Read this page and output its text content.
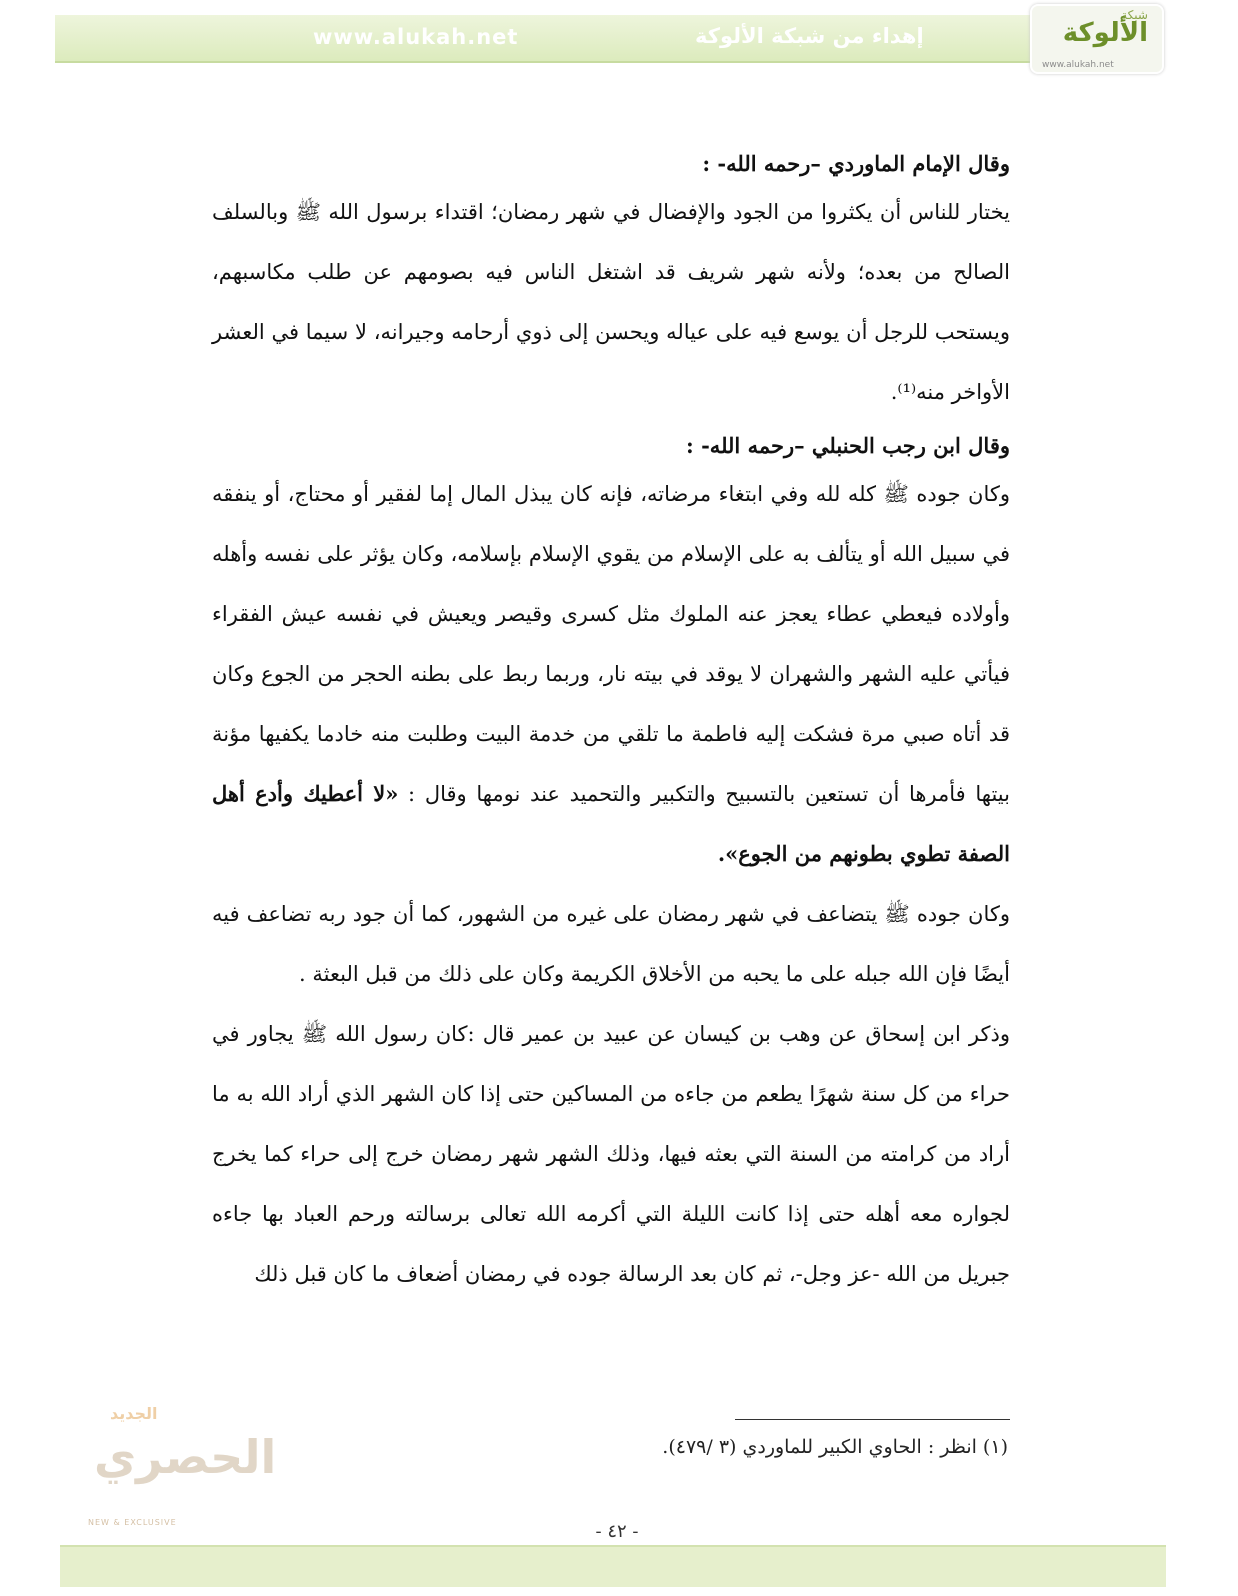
www.alukah.net	إهداء من شبكة الألوكة
شبكة
الألوكة
www.alukah.net

وقال الإمام الماوردي –رحمه الله- :

يختار للناس أن يكثروا من الجود والإفضال في شهر رمضان؛ اقتداء برسول الله ﷺ وبالسلف الصالح من بعده؛ ولأنه شهر شريف قد اشتغل الناس فيه بصومهم عن طلب مكاسبهم، ويستحب للرجل أن يوسع فيه على عياله ويحسن إلى ذوي أرحامه وجيرانه، لا سيما في العشر الأواخر منه⁽¹⁾.

وقال ابن رجب الحنبلي –رحمه الله- :

وكان جوده ﷺ كله لله وفي ابتغاء مرضاته، فإنه كان يبذل المال إما لفقير أو محتاج، أو ينفقه في سبيل الله أو يتألف به على الإسلام من يقوي الإسلام بإسلامه، وكان يؤثر على نفسه وأهله وأولاده فيعطي عطاء يعجز عنه الملوك مثل كسرى وقيصر ويعيش في نفسه عيش الفقراء فيأتي عليه الشهر والشهران لا يوقد في بيته نار، وربما ربط على بطنه الحجر من الجوع وكان قد أتاه صبي مرة فشكت إليه فاطمة ما تلقي من خدمة البيت وطلبت منه خادما يكفيها مؤنة بيتها فأمرها أن تستعين بالتسبيح والتكبير والتحميد عند نومها وقال : «لا أعطيك وأدع أهل الصفة تطوي بطونهم من الجوع».

وكان جوده ﷺ يتضاعف في شهر رمضان على غيره من الشهور، كما أن جود ربه تضاعف فيه أيضًا فإن الله جبله على ما يحبه من الأخلاق الكريمة وكان على ذلك من قبل البعثة .

وذكر ابن إسحاق عن وهب بن كيسان عن عبيد بن عمير قال :كان رسول الله ﷺ يجاور في حراء من كل سنة شهرًا يطعم من جاءه من المساكين حتى إذا كان الشهر الذي أراد الله به ما أراد من كرامته من السنة التي بعثه فيها، وذلك الشهر شهر رمضان خرج إلى حراء كما يخرج لجواره معه أهله حتى إذا كانت الليلة التي أكرمه الله تعالى برسالته ورحم العباد بها جاءه جبريل من الله -عز وجل-، ثم كان بعد الرسالة جوده في رمضان أضعاف ما كان قبل ذلك

(١) انظر : الحاوي الكبير للماوردي (٣ /٤٧٩).
الجديد
الحصري
NEW & EXCLUSIVE	- ٤٢ -
